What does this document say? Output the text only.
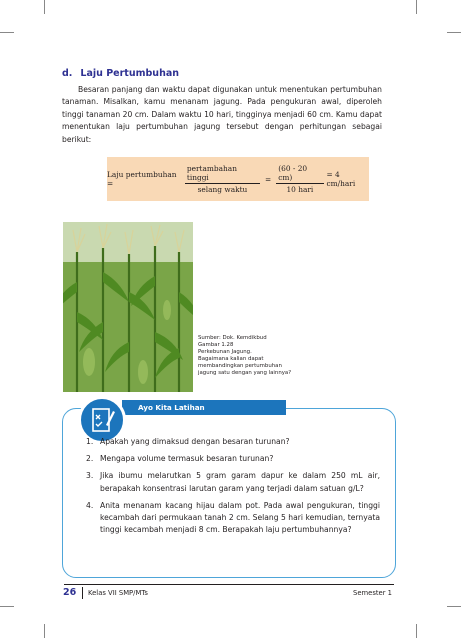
d. Laju Pertumbuhan

Besaran panjang dan waktu dapat digunakan untuk menentukan pertumbuhan tanaman. Misalkan, kamu menanam jagung. Pada pengukuran awal, diperoleh tinggi tanaman 20 cm. Dalam waktu 10 hari, tingginya menjadi 60 cm. Kamu dapat menentukan laju pertumbuhan jagung tersebut dengan perhitungan sebagai berikut:

Laju pertumbuhan =	$\frac{\text{pertambahan tinggi}}{\text{selang waktu}} = \frac{(60 - 20 cm)}{\text{10 hari}} = 4$ cm/hari
Sumber: Dok. Kemdikbud
Gambar 1.28
Perkebunan Jagung.
Bagaimana kalian dapat
membandingkan pertumbuhan
jagung satu dengan yang lainnya?
Ayo Kita Latihan
1. Apakah yang dimaksud dengan besaran turunan?
2. Mengapa volume termasuk besaran turunan?
3. Jika ibumu melarutkan 5 gram garam dapur ke dalam 250 mL air, berapakah konsentrasi larutan garam yang terjadi dalam satuan g/L?
4. Anita menanam kacang hijau dalam pot. Pada awal pengukuran, tinggi kecambah dari permukaan tanah 2 cm. Selang 5 hari kemudian, ternyata tinggi kecambah menjadi 8 cm. Berapakah laju pertumbuhannya?
26 Kelas VII SMP/MTs	Semester 1
